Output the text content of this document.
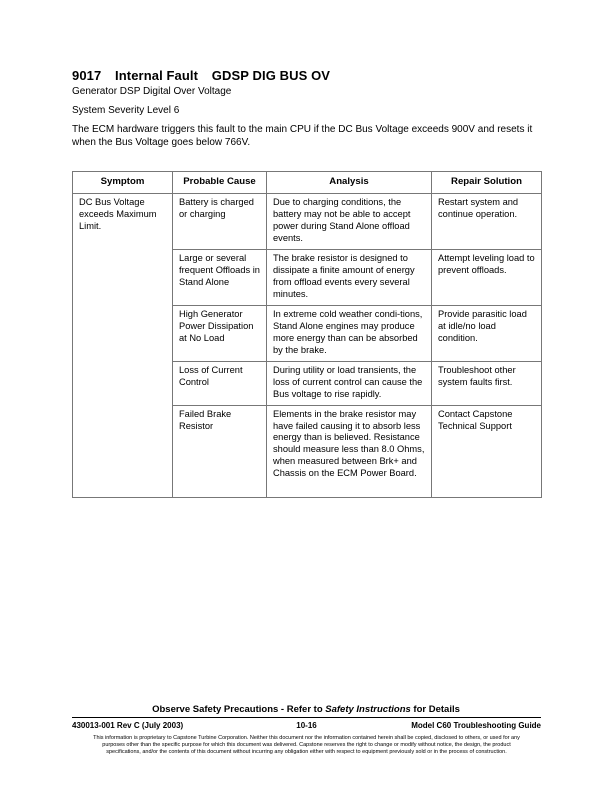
9017 Internal Fault GDSP DIG BUS OV
Generator DSP Digital Over Voltage
System Severity Level 6
The ECM hardware triggers this fault to the main CPU if the DC Bus Voltage exceeds 900V and resets it
when the Bus Voltage goes below 766V.
Symptom	Probable Cause	Analysis	Repair Solution
DC Bus Voltage exceeds Maximum Limit.	Battery is charged or charging	Due to charging conditions, the battery may not be able to accept power during Stand Alone offload events.	Restart system and continue operation.
	Large or several frequent Offloads in Stand Alone	The brake resistor is designed to dissipate a finite amount of energy from offload events every several minutes.	Attempt leveling load to prevent offloads.
	High Generator Power Dissipation at No Load	In extreme cold weather condi-tions, Stand Alone engines may produce more energy than can be absorbed by the brake.	Provide parasitic load at idle/no load condition.
	Loss of Current Control	During utility or load transients, the loss of current control can cause the Bus voltage to rise rapidly.	Troubleshoot other system faults first.
	Failed Brake Resistor	Elements in the brake resistor may have failed causing it to absorb less energy than is believed. Resistance should measure less than 8.0 Ohms, when measured between Brk+ and Chassis on the ECM Power Board.	Contact Capstone Technical Support
Observe Safety Precautions - Refer to Safety Instructions for Details
430013-001 Rev C (July 2003)	10-16	Model C60 Troubleshooting Guide
This information is proprietary to Capstone Turbine Corporation. Neither this document nor the information contained herein shall be copied, disclosed to others, or used for any
purposes other than the specific purpose for which this document was delivered. Capstone reserves the right to change or modify without notice, the design, the product
specifications, and/or the contents of this document without incurring any obligation either with respect to equipment previously sold or in the process of construction.
